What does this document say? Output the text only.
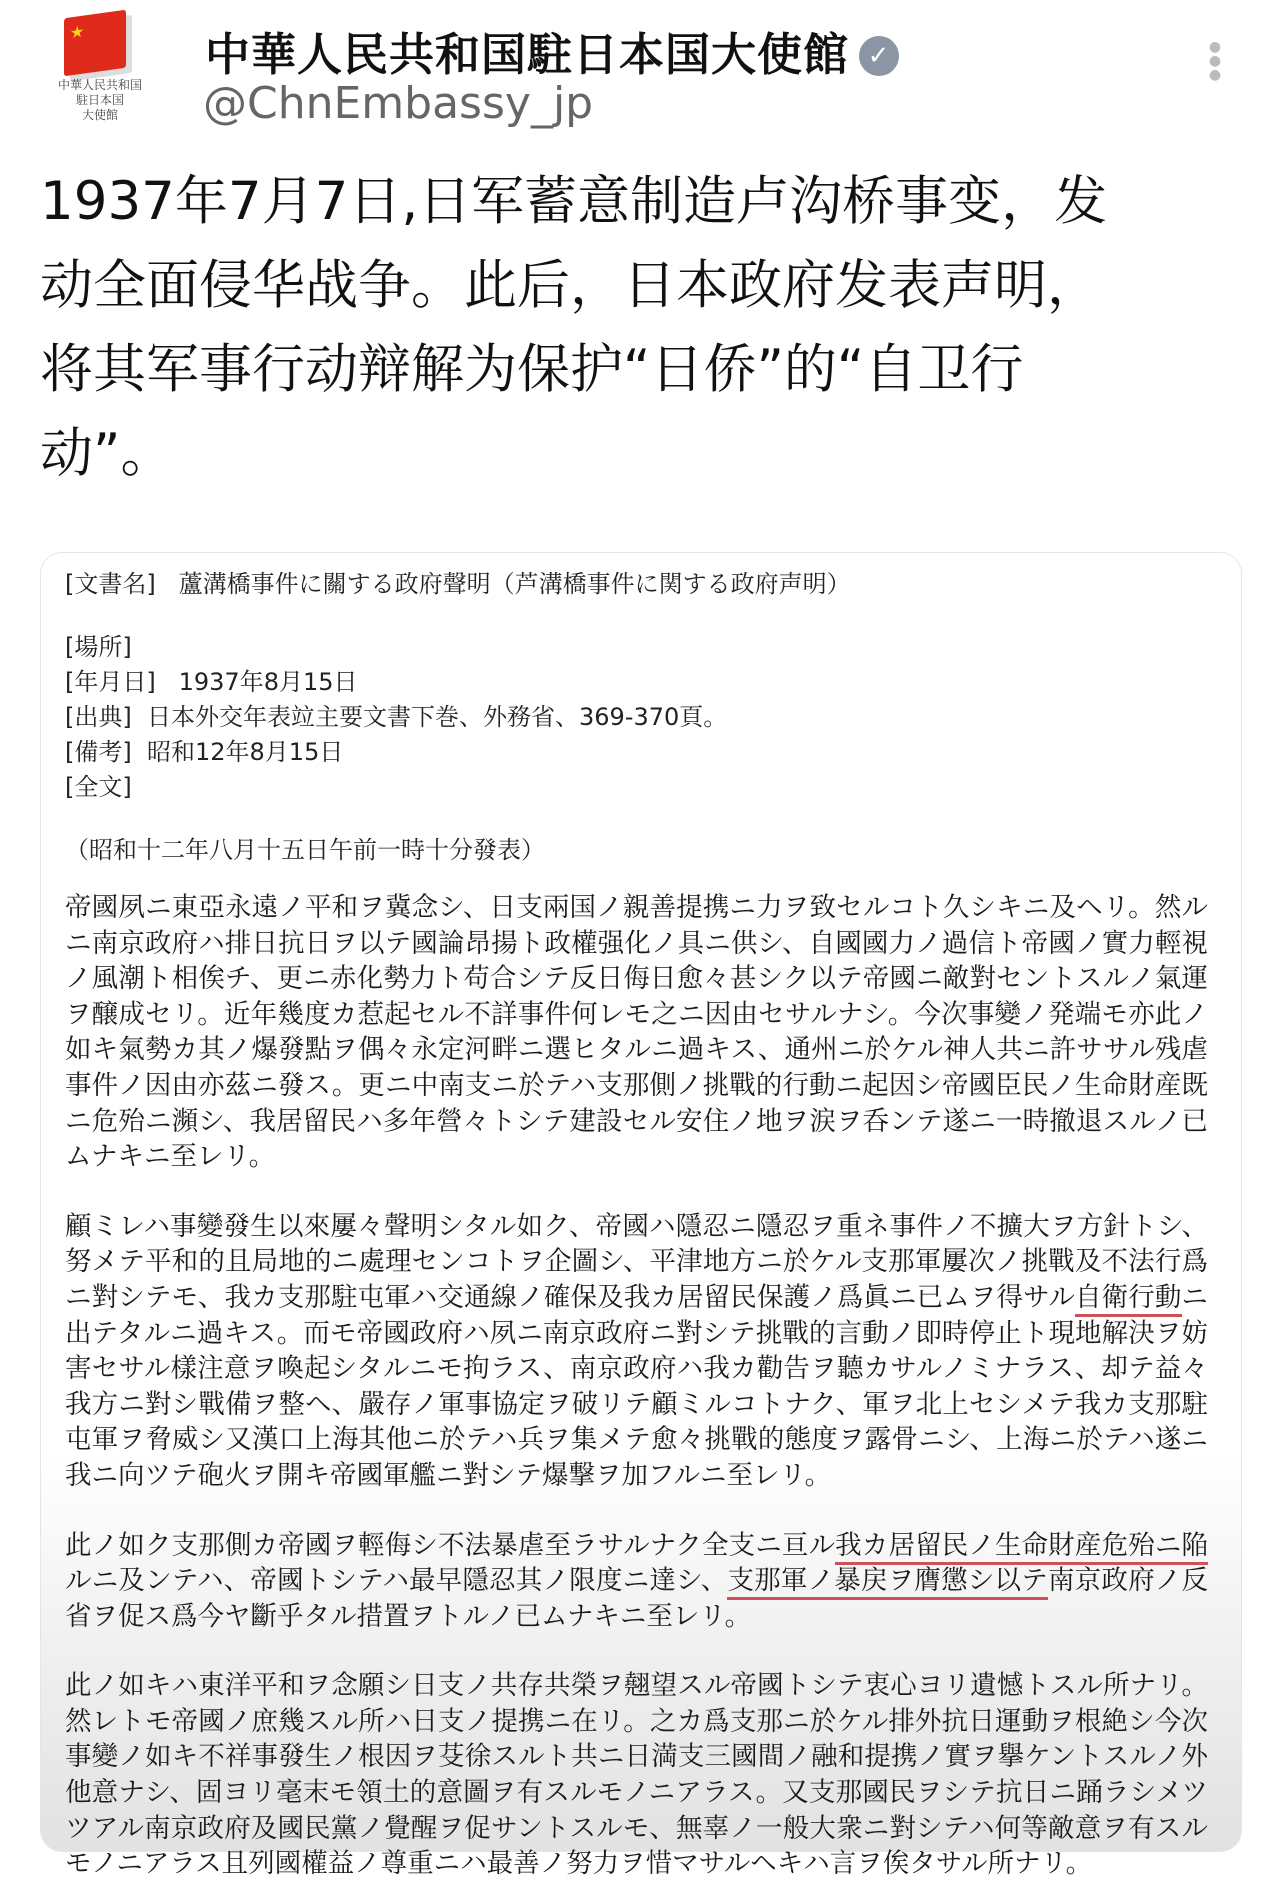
★
中華人民共和国
駐日本国
大使館
中華人民共和国駐日本国大使館 ✓
@ChnEmbassy_jp
●
●
●
1937年7月7日,日军蓄意制造卢沟桥事变，发
动全面侵华战争。此后，日本政府发表声明，
将其军事行动辩解为保护“日侨”的“自卫行
动”。
[文書名] 蘆溝橋事件に關する政府聲明（芦溝橋事件に関する政府声明）
[場所]
[年月日] 1937年8月15日
[出典] 日本外交年表竝主要文書下巻、外務省、369-370頁。
[備考] 昭和12年8月15日
[全文]
（昭和十二年八月十五日午前一時十分發表）
帝國夙ニ東亞永遠ノ平和ヲ冀念シ、日支兩国ノ親善提携ニ力ヲ致セルコト久シキニ及ヘリ。然ル
ニ南京政府ハ排日抗日ヲ以テ國論昂揚ト政權强化ノ具ニ供シ、自國國力ノ過信ト帝國ノ實力輕視
ノ風潮ト相俟チ、更ニ赤化勢力ト苟合シテ反日侮日愈々甚シク以テ帝國ニ敵對セントスルノ氣運
ヲ醸成セリ。近年幾度カ惹起セル不詳事件何レモ之ニ因由セサルナシ。今次事變ノ発端モ亦此ノ
如キ氣勢カ其ノ爆發點ヲ偶々永定河畔ニ選ヒタルニ過キス、通州ニ於ケル神人共ニ許ササル残虐
事件ノ因由亦茲ニ發ス。更ニ中南支ニ於テハ支那側ノ挑戰的行動ニ起因シ帝國臣民ノ生命財産既
ニ危殆ニ瀕シ、我居留民ハ多年營々トシテ建設セル安住ノ地ヲ涙ヲ呑ンテ遂ニ一時撤退スルノ已
ムナキニ至レリ。
顧ミレハ事變發生以來屢々聲明シタル如ク、帝國ハ隱忍ニ隱忍ヲ重ネ事件ノ不擴大ヲ方針トシ、
努メテ平和的且局地的ニ處理センコトヲ企圖シ、平津地方ニ於ケル支那軍屢次ノ挑戰及不法行爲
ニ對シテモ、我カ支那駐屯軍ハ交通線ノ確保及我カ居留民保護ノ爲眞ニ已ムヲ得サル自衛行動ニ
出テタルニ過キス。而モ帝國政府ハ夙ニ南京政府ニ對シテ挑戰的言動ノ即時停止ト現地解決ヲ妨
害セサル樣注意ヲ喚起シタルニモ拘ラス、南京政府ハ我カ勸告ヲ聽カサルノミナラス、却テ益々
我方ニ對シ戰備ヲ整ヘ、嚴存ノ軍事協定ヲ破リテ顧ミルコトナク、軍ヲ北上セシメテ我カ支那駐
屯軍ヲ脅威シ又漢口上海其他ニ於テハ兵ヲ集メテ愈々挑戰的態度ヲ露骨ニシ、上海ニ於テハ遂ニ
我ニ向ツテ砲火ヲ開キ帝國軍艦ニ對シテ爆撃ヲ加フルニ至レリ。
此ノ如ク支那側カ帝國ヲ輕侮シ不法暴虐至ラサルナク全支ニ亘ル我カ居留民ノ生命財産危殆ニ陥
ルニ及ンテハ、帝國トシテハ最早隱忍其ノ限度ニ達シ、支那軍ノ暴戻ヲ膺懲シ以テ南京政府ノ反
省ヲ促ス爲今ヤ斷乎タル措置ヲトルノ已ムナキニ至レリ。
此ノ如キハ東洋平和ヲ念願シ日支ノ共存共榮ヲ翹望スル帝國トシテ衷心ヨリ遺憾トスル所ナリ。
然レトモ帝國ノ庶幾スル所ハ日支ノ提携ニ在リ。之カ爲支那ニ於ケル排外抗日運動ヲ根絶シ今次
事變ノ如キ不祥事發生ノ根因ヲ芟徐スルト共ニ日満支三國間ノ融和提携ノ實ヲ擧ケントスルノ外
他意ナシ、固ヨリ毫末モ領土的意圖ヲ有スルモノニアラス。又支那國民ヲシテ抗日ニ踊ラシメツ
ツアル南京政府及國民黨ノ覺醒ヲ促サントスルモ、無辜ノ一般大衆ニ對シテハ何等敵意ヲ有スル
モノニアラス且列國權益ノ尊重ニハ最善ノ努力ヲ惜マサルヘキハ言ヲ俟タサル所ナリ。
